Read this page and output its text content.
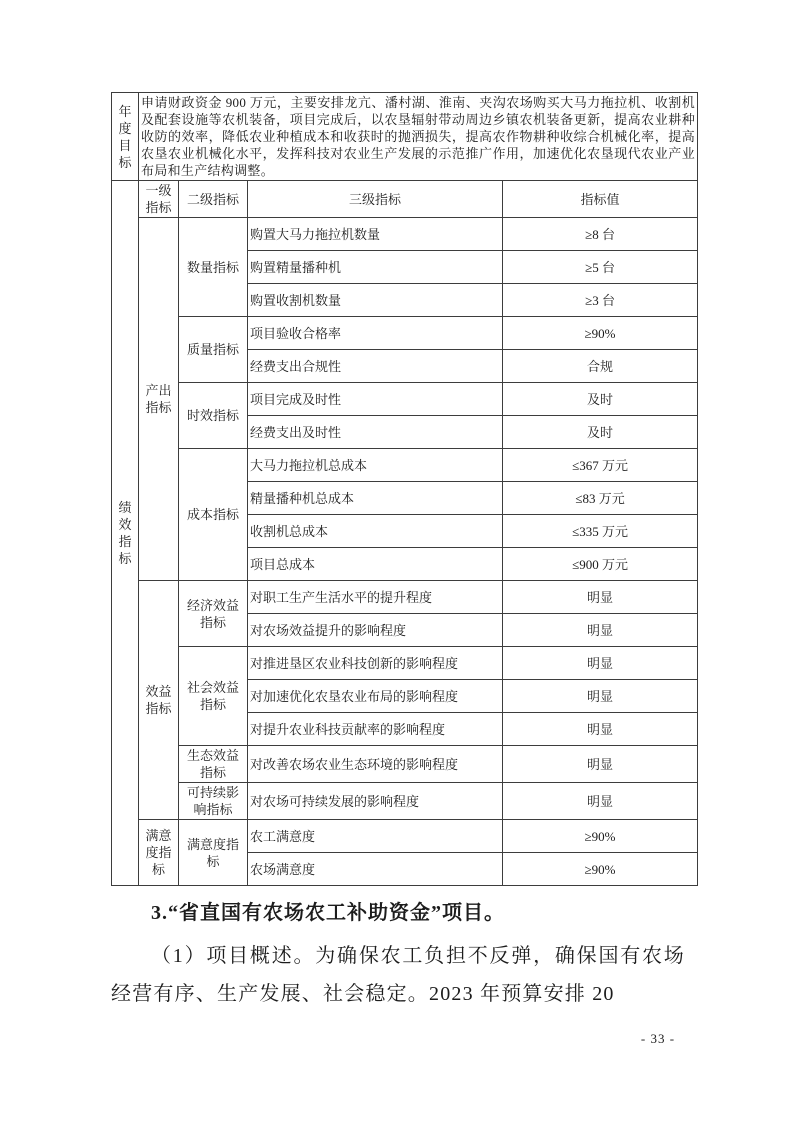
年度目标	申请财政资金 900 万元，主要安排龙亢、潘村湖、淮南、夹沟农场购买大马力拖拉机、收割机及配套设施等农机装备，项目完成后，以农垦辐射带动周边乡镇农机装备更新，提高农业耕种收防的效率，降低农业种植成本和收获时的抛洒损失，提高农作物耕种收综合机械化率，提高农垦农业机械化水平，发挥科技对农业生产发展的示范推广作用，加速优化农垦现代农业产业布局和生产结构调整。			
绩效指标	一级指标	二级指标	三级指标	指标值
	产出指标	数量指标	购置大马力拖拉机数量	≥8 台
			购置精量播种机	≥5 台
			购置收割机数量	≥3 台
		质量指标	项目验收合格率	≥90%
			经费支出合规性	合规
		时效指标	项目完成及时性	及时
			经费支出及时性	及时
		成本指标	大马力拖拉机总成本	≤367 万元
			精量播种机总成本	≤83 万元
			收割机总成本	≤335 万元
			项目总成本	≤900 万元
	效益指标	经济效益指标	对职工生产生活水平的提升程度	明显
			对农场效益提升的影响程度	明显
		社会效益指标	对推进垦区农业科技创新的影响程度	明显
			对加速优化农垦农业布局的影响程度	明显
			对提升农业科技贡献率的影响程度	明显
		生态效益指标	对改善农场农业生态环境的影响程度	明显
		可持续影响指标	对农场可持续发展的影响程度	明显
	满意度指标	满意度指标	农工满意度	≥90%
			农场满意度	≥90%
3.“省直国有农场农工补助资金”项目。
（1）项目概述。为确保农工负担不反弹，确保国有农场经营有序、生产发展、社会稳定。2023 年预算安排 20
- 33 -
